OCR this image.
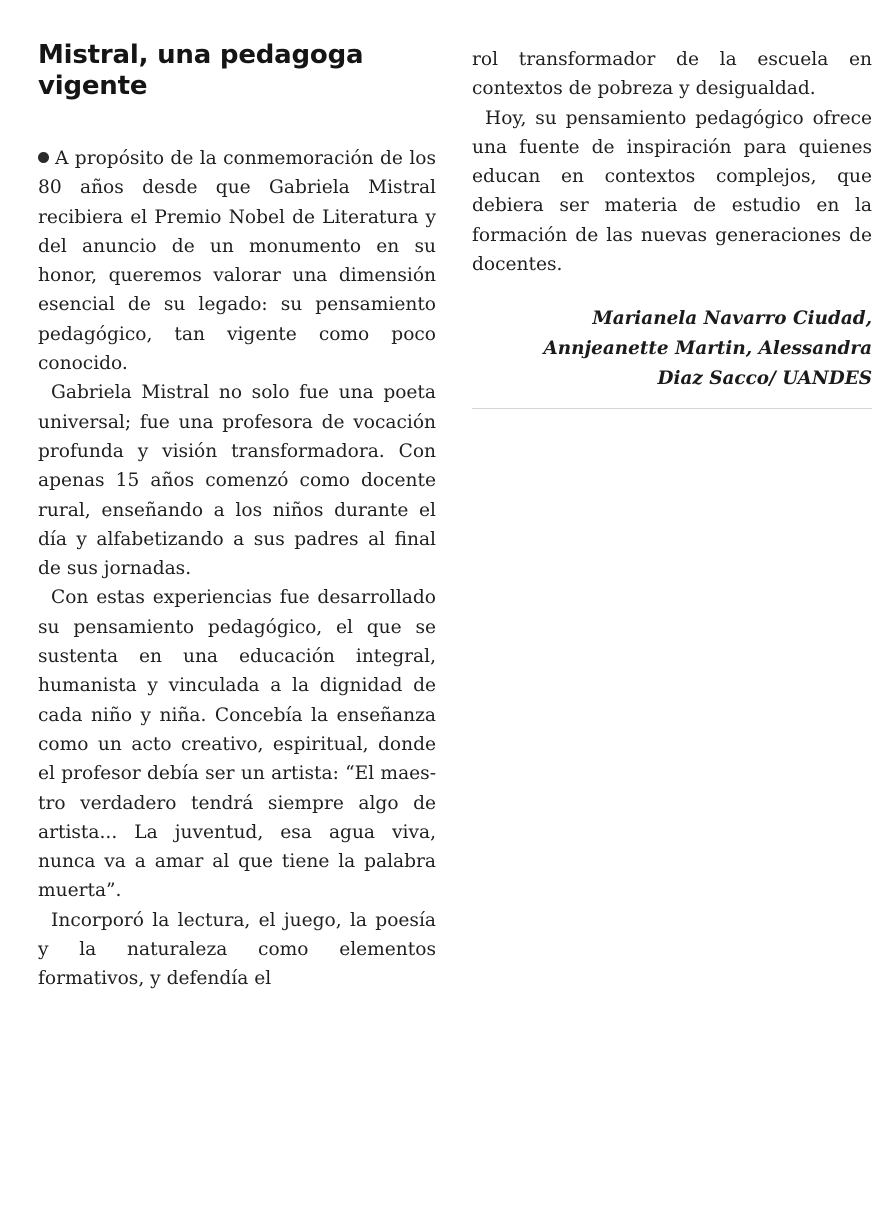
Mistral, una pedagoga vigente

A propósito de la conmemoración de los 80 años desde que Gabriela Mistral recibiera el Premio Nobel de Literatura y del anuncio de un monumento en su honor, queremos valorar una dimensión esencial de su legado: su pensamiento pedagógico, tan vigente como poco conocido.

Gabriela Mistral no solo fue una poeta universal; fue una profesora de vocación profunda y visión transformadora. Con apenas 15 años comenzó como docente rural, enseñando a los niños durante el día y alfabetizando a sus padres al final de sus jornadas.

Con estas experiencias fue desarrollado su pensamiento pedagógico, el que se sustenta en una educación integral, humanista y vinculada a la dignidad de cada niño y niña. Concebía la enseñanza como un acto creativo, espiritual, donde el profesor debía ser un artista: “El maestro verdadero tendrá siempre algo de artista... La juventud, esa agua viva, nunca va a amar al que tiene la palabra muerta”.

Incorporó la lectura, el juego, la poesía y la naturaleza como elementos formativos, y defendía el

rol transformador de la escuela en contextos de pobreza y desigualdad.

Hoy, su pensamiento pedagógico ofrece una fuente de inspiración para quienes educan en contextos complejos, que debiera ser materia de estudio en la formación de las nuevas generaciones de docentes.

Marianela Navarro Ciudad,
Annjeanette Martin, Alessandra
Diaz Sacco/ UANDES
